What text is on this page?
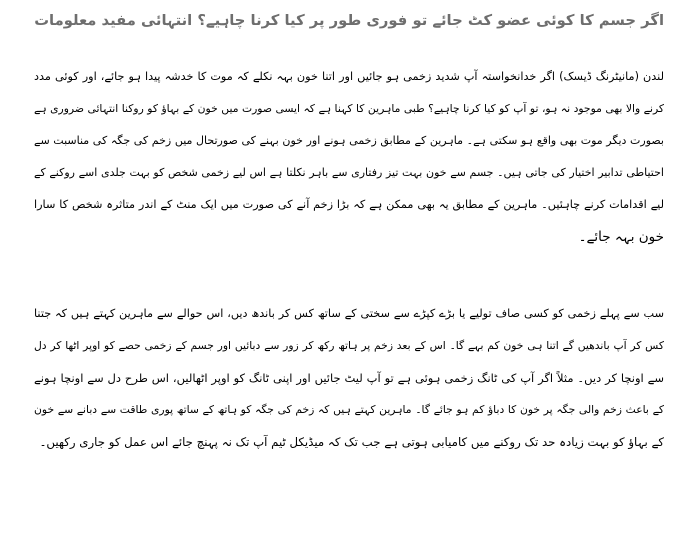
اگر جسم کا کوئی عضو کٹ جائے تو فوری طور پر کیا کرنا چاہیے؟ انتہائی مفید معلومات

لندن (مانیٹرنگ ڈیسک) اگر خدانخواستہ آپ شدید زخمی ہو جائیں اور اتنا خون بہہ نکلے کہ موت کا خدشہ پیدا ہو جائے، اور کوئی مدد

کرنے والا بھی موجود نہ ہو، تو آپ کو کیا کرنا چاہیے؟ طبی ماہرین کا کہنا ہے کہ ایسی صورت میں خون کے بہاؤ کو روکنا انتہائی ضروری ہے

بصورت دیگر موت بھی واقع ہو سکتی ہے۔ ماہرین کے مطابق زخمی ہونے اور خون بہنے کی صورتحال میں زخم کی جگہ کی مناسبت سے

احتیاطی تدابیر اختیار کی جاتی ہیں۔ جسم سے خون بہت تیز رفتاری سے باہر نکلتا ہے اس لیے زخمی شخص کو بہت جلدی اسے روکنے کے

لیے اقدامات کرنے چاہئیں۔ ماہرین کے مطابق یہ بھی ممکن ہے کہ بڑا زخم آنے کی صورت میں ایک منٹ کے اندر متاثرہ شخص کا سارا

خون بہہ جائے۔

سب سے پہلے زخمی کو کسی صاف تولیے یا بڑے کپڑے سے سختی کے ساتھ کس کر باندھ دیں، اس حوالے سے ماہرین کہتے ہیں کہ جتنا

کس کر آپ باندھیں گے اتنا ہی خون کم بہے گا۔ اس کے بعد زخم پر ہاتھ رکھ کر زور سے دبائیں اور جسم کے زخمی حصے کو اوپر اٹھا کر دل

سے اونچا کر دیں۔ مثلاً اگر آپ کی ٹانگ زخمی ہوئی ہے تو آپ لیٹ جائیں اور اپنی ٹانگ کو اوپر اٹھالیں، اس طرح دل سے اونچا ہونے

کے باعث زخم والی جگہ پر خون کا دباؤ کم ہو جائے گا۔ ماہرین کہتے ہیں کہ زخم کی جگہ کو ہاتھ کے ساتھ پوری طاقت سے دبانے سے خون

کے بہاؤ کو بہت زیادہ حد تک روکنے میں کامیابی ہوتی ہے جب تک کہ میڈیکل ٹیم آپ تک نہ پہنچ جائے اس عمل کو جاری رکھیں۔
